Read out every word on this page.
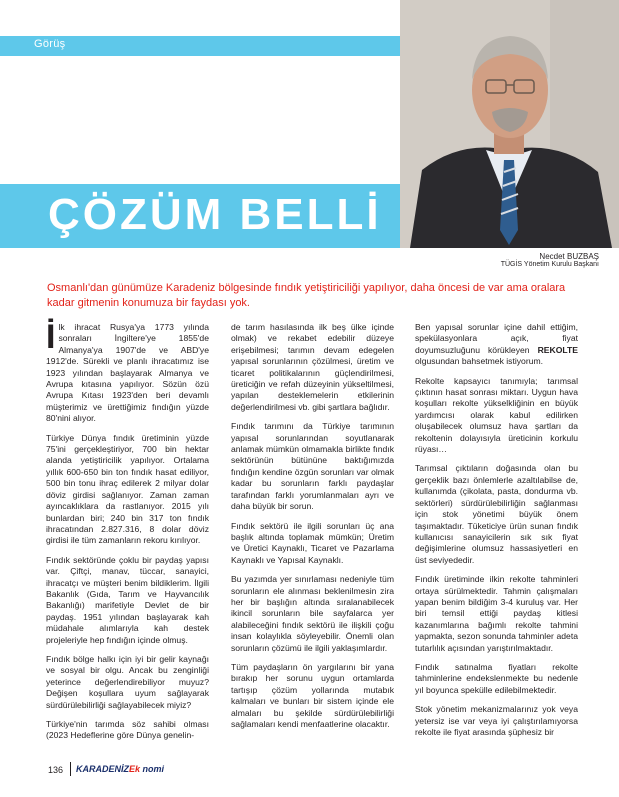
Görüş
ÇÖZÜM BELLİ
Necdet BUZBAŞ
TÜGİS Yönetim Kurulu Başkanı
Osmanlı'dan günümüze Karadeniz bölgesinde fındık yetiştiriciliği yapılıyor, daha öncesi de var ama oralara kadar gitmenin konumuza bir faydası yok.

İlk ihracat Rusya'ya 1773 yılında sonraları İngiltere'ye 1855'de Almanya'ya 1907'de ve ABD'ye 1912'de. Sürekli ve planlı ihracatımız ise 1923 yılından başlayarak Almanya ve Avrupa kıtasına yapılıyor. Sözün özü Avrupa Kıtası 1923'den beri devamlı müşterimiz ve ürettiğimiz fındığın yüzde 80'nini alıyor.

Türkiye Dünya fındık üretiminin yüzde 75'ini gerçekleştiriyor, 700 bin hektar alanda yetiştiricilik yapılıyor. Ortalama yıllık 600-650 bin ton fındık hasat ediliyor, 500 bin tonu ihraç edilerek 2 milyar dolar döviz girdisi sağlanıyor. Zaman zaman ayıncaklıklara da rastlanıyor. 2015 yılı bunlardan biri; 240 bin 317 ton fındık ihracatından 2.827.316, 8 dolar döviz girdisi ile tüm zamanların rekoru kırılıyor.

Fındık sektöründe çoklu bir paydaş yapısı var. Çiftçi, manav, tüccar, sanayici, ihracatçı ve müşteri benim bildiklerim. İlgili Bakanlık (Gıda, Tarım ve Hayvancılık Bakanlığı) marifetiyle Devlet de bir paydaş. 1951 yılından başlayarak kah müdahale alımlarıyla kah destek projeleriyle hep fındığın içinde olmuş.

Fındık bölge halkı için iyi bir gelir kaynağı ve sosyal bir olgu. Ancak bu zenginliği yeterince değerlendirebiliyor muyuz? Değişen koşullara uyum sağlayarak sürdürülebilirliği sağlayabilecek miyiz?

Türkiye'nin tarımda söz sahibi olması (2023 Hedeflerine göre Dünya genelin-

de tarım hasılasında ilk beş ülke içinde olmak) ve rekabet edebilir düzeye erişebilmesi; tarımın devam edegelen yapısal sorunlarının çözülmesi, üretim ve ticaret politikalarının güçlendirilmesi, üreticiğin ve refah düzeyinin yükseltilmesi, yapılan desteklemelerin etkilerinin değerlendirilmesi vb. gibi şartlara bağlıdır.

Fındık tarımını da Türkiye tarımının yapısal sorunlarından soyutlanarak anlamak mümkün olmamakla birlikte fındık sektörünün bütününe baktığımızda fındığın kendine özgün sorunları var olmak kadar bu sorunların farklı paydaşlar tarafından farklı yorumlanmaları ayrı ve daha büyük bir sorun.

Fındık sektörü ile ilgili sorunları üç ana başlık altında toplamak mümkün; Üretim ve Üretici Kaynaklı, Ticaret ve Pazarlama Kaynaklı ve Yapısal Kaynaklı.

Bu yazımda yer sınırlaması nedeniyle tüm sorunların ele alınması beklenilmesin zira her bir başlığın altında sıralanabilecek ikincil sorunların bile sayfalarca yer alabileceğini fındık sektörü ile ilişkili çoğu insan kolaylıkla söyleyebilir. Önemli olan sorunların çözümü ile ilgili yaklaşımlardır.

Tüm paydaşların ön yargılarını bir yana bırakıp her sorunu uygun ortamlarda tartışıp çözüm yollarında mutabık kalmaları ve bunları bir sistem içinde ele almaları bu şekilde sürdürülebilirliği sağlamaları kendi menfaatlerine olacaktır.

Ben yapısal sorunlar içine dahil ettiğim, spekülasyonlara açık, fiyat doyumsuzluğunu körükleyen REKOLTE olgusundan bahsetmek istiyorum.

Rekolte kapsayıcı tanımıyla; tarımsal çıktının hasat sonrası miktarı. Uygun hava koşulları rekolte yükselkliğinin en büyük yardımcısı olarak kabul edilirken oluşabilecek olumsuz hava şartları da rekoltenin dolayısıyla üreticinin korkulu rüyası…

Tarımsal çıktıların doğasında olan bu gerçeklik bazı önlemlerle azaltılabilse de, kullanımda (çikolata, pasta, dondurma vb. sektörleri) sürdürülebilirliğin sağlanması için stok yönetimi büyük önem taşımaktadır. Tüketiciye ürün sunan fındık kullanıcısı sanayicilerin sık sık fiyat değişimlerine olumsuz hassasiyetleri en üst seviyededir.

Fındık üretiminde ilkin rekolte tahminleri ortaya sürülmektedir. Tahmin çalışmaları yapan benim bildiğim 3-4 kuruluş var. Her biri temsil ettiği paydaş kitlesi kazanımlarına bağımlı rekolte tahmini yapmakta, sezon sonunda tahminler adeta tutarlılık açısından yarıştırılmaktadır.

Fındık satınalma fiyatları rekolte tahminlerine endekslenmekte bu nedenle yıl boyunca spekülle edilebilmektedir.

Stok yönetim mekanizmalarınız yok veya yetersiz ise var veya iyi çalıştırılamıyorsa rekolte ile fiyat arasında şüphesiz bir

136 KARADENİZEk nomi
